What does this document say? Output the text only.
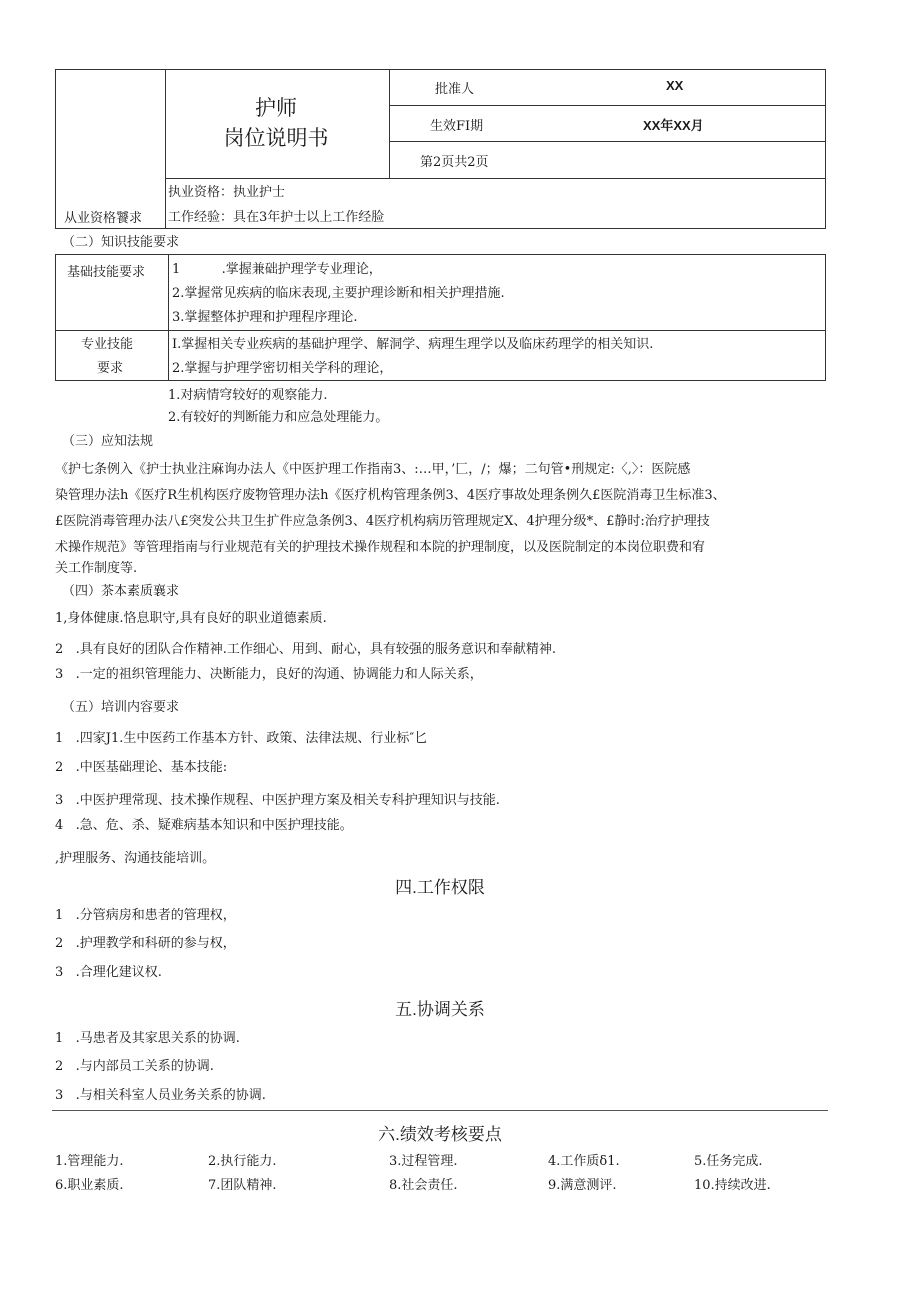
护师
岗位说明书
批准人	XX
生效FI期	XX年XX月
第2页共2页
从业资格饕求
执业资格：执业护士
工作经验：具在3年护士以上工作经脸
（二）知识技能要求
基础技能要求 1          .掌握兼础护理学专业理论，
2.掌握常见疾病的临床表现,主要护理诊断和相关护理措施.
3.掌握整体护理和护理程序理论.
专业技能
要求
I.掌握相关专业疾病的基础护理学、解洞学、病理生理学以及临床药理学的相关知识.
2.掌握与护理学密切相关学科的理论，
1.对病情穹较好的观察能力.
2.有较好的判断能力和应急处理能力。
（三）应知法规
《护七条例入《护士执业注麻询办法人《中医护理工作指南3、:…甲，’匚，/；爆；二句管•刑规定:〈,〉：医院感
染管理办法h《医疗R生机构医疗废物管理办法h《医疗机构管理条例3、4医疗事故处理条例久£医院消毒卫生标准3、
£医院消毒管理办法八£突发公共卫生扩件应急条例3、4医疗机构病历管理规定X、4护理分级*、£静时:治疗护理技
术操作规范》等管理指南与行业规范有关的护理技术操作规程和本院的护理制度，以及医院制定的本岗位职费和宥
关工作制度等.
（四）茶本素质襄求
1,身体健康.恪息职守,具有良好的职业道德素质.
2   .具有良好的团队合作精神.工作细心、用到、耐心，具有较强的服务意识和奉献精神.
3   .一定的祖织管理能力、决断能力，良好的沟通、协调能力和人际关系，
（五）培训内容要求
1   .四家J1.生中医药工作基本方针、政策、法律法规、行业标″匕
2   .中医基础理论、基本技能:
3   .中医护理常现、技术操作规程、中医护理方案及相关专科护理知识与技能.
4   .急、危、杀、疑难病基本知识和中医护理技能。
,护理服务、沟通技能培训。
四.工作权限
1   .分管病房和患者的管理权，
2   .护理教学和科研的参与权，
3   .合理化建议权.
五.协调关系
1   .马患者及其家思关系的协调.
2   .与内部员工关系的协调.
3   .与相关科室人员业务关系的协调.
六.绩效考核要点
1.管理能力.	2.执行能力.	3.过程管理.	4.工作质δ1.	5.任务完成.
6.职业素质.	7.团队精神.	8.社会责任.	9.满意测评.	10.持续改进.
